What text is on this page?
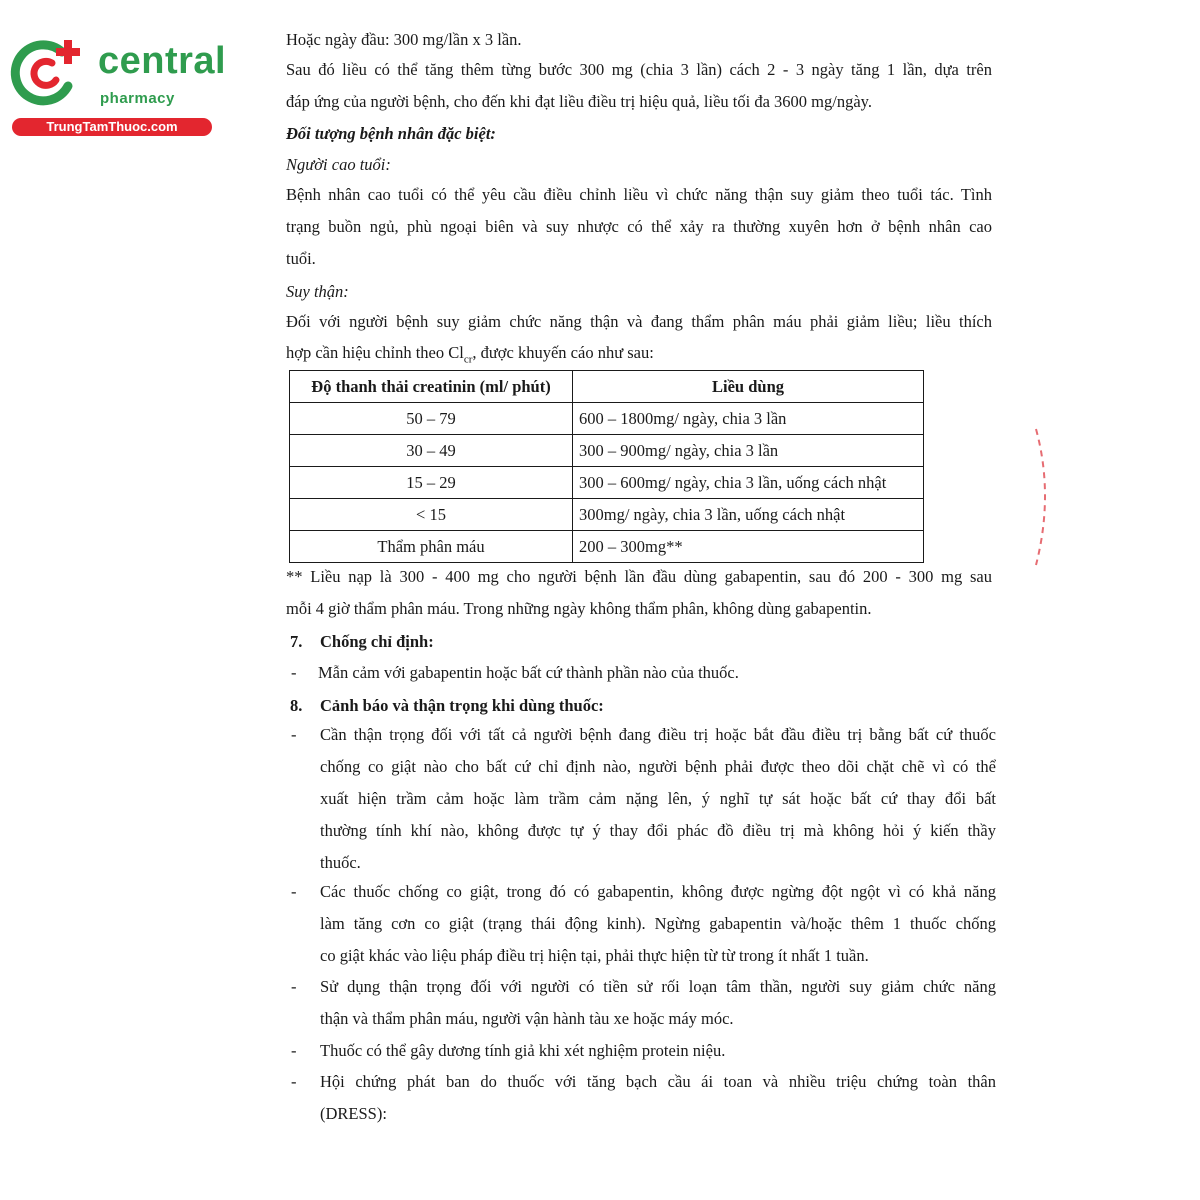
central
pharmacy
TrungTamThuoc.com
Hoặc ngày đầu: 300 mg/lần x 3 lần.
Sau đó liều có thể tăng thêm từng bước 300 mg (chia 3 lần) cách 2 - 3 ngày tăng 1 lần, dựa trên
đáp ứng của người bệnh, cho đến khi đạt liều điều trị hiệu quả, liều tối đa 3600 mg/ngày.
Đối tượng bệnh nhân đặc biệt:
Người cao tuổi:
Bệnh nhân cao tuổi có thể yêu cầu điều chỉnh liều vì chức năng thận suy giảm theo tuổi tác. Tình
trạng buồn ngủ, phù ngoại biên và suy nhược có thể xảy ra thường xuyên hơn ở bệnh nhân cao
tuổi.
Suy thận:
Đối với người bệnh suy giảm chức năng thận và đang thẩm phân máu phải giảm liều; liều thích
hợp cần hiệu chỉnh theo $Cl_{cr}$, được khuyến cáo như sau:
** Liều nạp là 300 - 400 mg cho người bệnh lần đầu dùng gabapentin, sau đó 200 - 300 mg sau
mỗi 4 giờ thẩm phân máu. Trong những ngày không thẩm phân, không dùng gabapentin.
7. Chống chỉ định:
- Mẫn cảm với gabapentin hoặc bất cứ thành phần nào của thuốc.
8. Cảnh báo và thận trọng khi dùng thuốc:
- Cần thận trọng đối với tất cả người bệnh đang điều trị hoặc bắt đầu điều trị bằng bất cứ thuốc
chống co giật nào cho bất cứ chỉ định nào, người bệnh phải được theo dõi chặt chẽ vì có thể
xuất hiện trầm cảm hoặc làm trầm cảm nặng lên, ý nghĩ tự sát hoặc bất cứ thay đổi bất
thường tính khí nào, không được tự ý thay đổi phác đồ điều trị mà không hỏi ý kiến thầy
thuốc.
- Các thuốc chống co giật, trong đó có gabapentin, không được ngừng đột ngột vì có khả năng
làm tăng cơn co giật (trạng thái động kinh). Ngừng gabapentin và/hoặc thêm 1 thuốc chống
co giật khác vào liệu pháp điều trị hiện tại, phải thực hiện từ từ trong ít nhất 1 tuần.
- Sử dụng thận trọng đối với người có tiền sử rối loạn tâm thần, người suy giảm chức năng
thận và thẩm phân máu, người vận hành tàu xe hoặc máy móc.
- Thuốc có thể gây dương tính giả khi xét nghiệm protein niệu.
- Hội chứng phát ban do thuốc với tăng bạch cầu ái toan và nhiều triệu chứng toàn thân
(DRESS):
Độ thanh thải creatinin (ml/ phút)	Liều dùng
50 – 79	600 – 1800mg/ ngày, chia 3 lần
30 – 49	300 – 900mg/ ngày, chia 3 lần
15 – 29	300 – 600mg/ ngày, chia 3 lần, uống cách nhật
< 15	300mg/ ngày, chia 3 lần, uống cách nhật
Thẩm phân máu	200 – 300mg**
